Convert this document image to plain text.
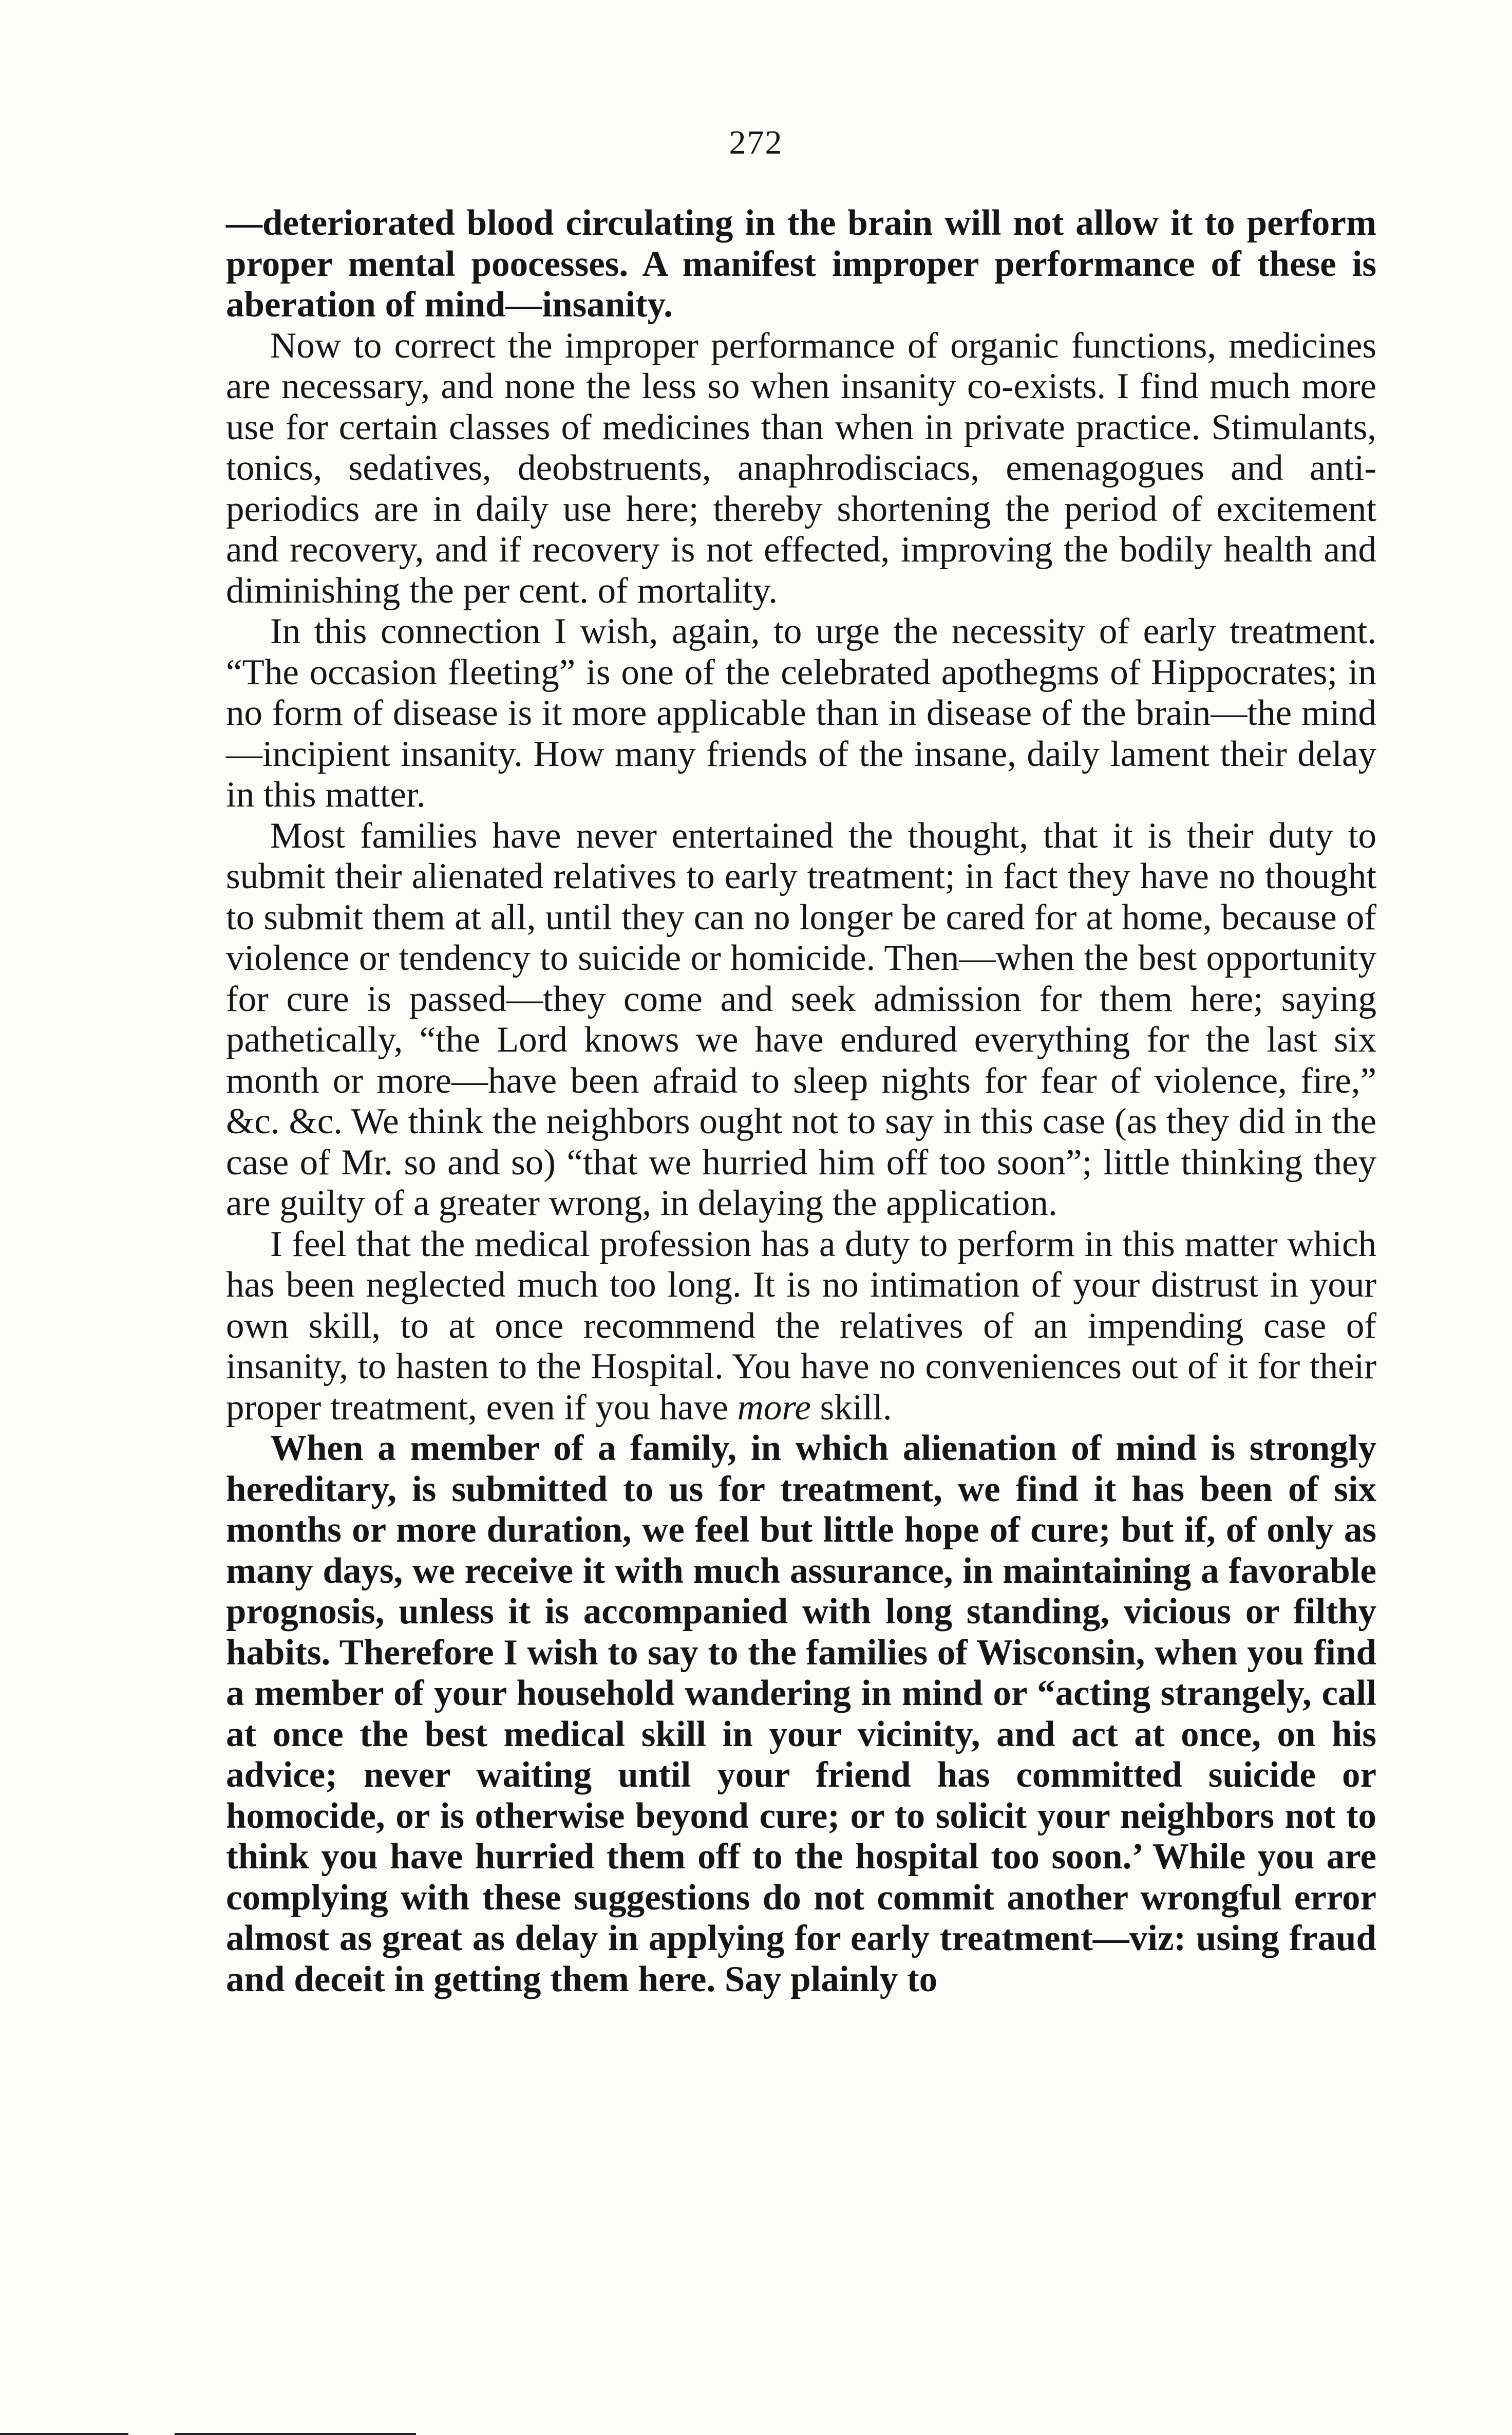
272

—deteriorated blood circulating in the brain will not allow it to perform proper mental poocesses. A manifest improper performance of these is aberation of mind—insanity.

Now to correct the improper performance of organic functions, medicines are necessary, and none the less so when insanity co-exists. I find much more use for certain classes of medicines than when in private practice. Stimulants, tonics, sedatives, deobstruents, anaphrodisciacs, emenagogues and anti-periodics are in daily use here; thereby shortening the period of excitement and recovery, and if recovery is not effected, improving the bodily health and diminishing the per cent. of mortality.

In this connection I wish, again, to urge the necessity of early treatment. “The occasion fleeting” is one of the celebrated apothegms of Hippocrates; in no form of disease is it more applicable than in disease of the brain—the mind—incipient insanity. How many friends of the insane, daily lament their delay in this matter.

Most families have never entertained the thought, that it is their duty to submit their alienated relatives to early treatment; in fact they have no thought to submit them at all, until they can no longer be cared for at home, because of violence or tendency to suicide or homicide. Then—when the best opportunity for cure is passed—they come and seek admission for them here; saying pathetically, “the Lord knows we have endured everything for the last six month or more—have been afraid to sleep nights for fear of violence, fire,” &c. &c. We think the neighbors ought not to say in this case (as they did in the case of Mr. so and so) “that we hurried him off too soon”; little thinking they are guilty of a greater wrong, in delaying the application.

I feel that the medical profession has a duty to perform in this matter which has been neglected much too long. It is no intimation of your distrust in your own skill, to at once recommend the relatives of an impending case of insanity, to hasten to the Hospital. You have no conveniences out of it for their proper treatment, even if you have more skill.

When a member of a family, in which alienation of mind is strongly hereditary, is submitted to us for treatment, we find it has been of six months or more duration, we feel but little hope of cure; but if, of only as many days, we receive it with much assurance, in maintaining a favorable prognosis, unless it is accompanied with long standing, vicious or filthy habits. Therefore I wish to say to the families of Wisconsin, when you find a member of your household wandering in mind or “acting strangely, call at once the best medical skill in your vicinity, and act at once, on his advice; never waiting until your friend has committed suicide or homocide, or is otherwise beyond cure; or to solicit your neighbors not to think you have hurried them off to the hospital too soon.’ While you are complying with these suggestions do not commit another wrongful error almost as great as delay in applying for early treatment—viz: using fraud and deceit in getting them here. Say plainly to
